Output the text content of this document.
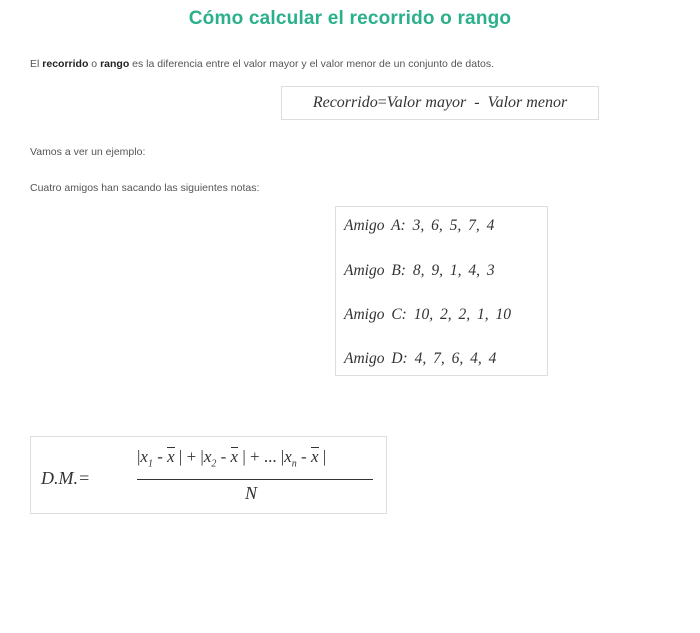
Cómo calcular el recorrido o rango

El recorrido o rango es la diferencia entre el valor mayor y el valor menor de un conjunto de datos.

Recorrido = Valor mayor - Valor menor

Vamos a ver un ejemplo:

Cuatro amigos han sacando las siguientes notas:

Amigo A: 3, 6, 5, 7, 4
Amigo B: 8, 9, 1, 4, 3
Amigo C: 10, 2, 2, 1, 10
Amigo D: 4, 7, 6, 4, 4
D.M.=
$|x_1$ - x | + $|x_2$ - x | + ... $|x_n$ - x |
N
